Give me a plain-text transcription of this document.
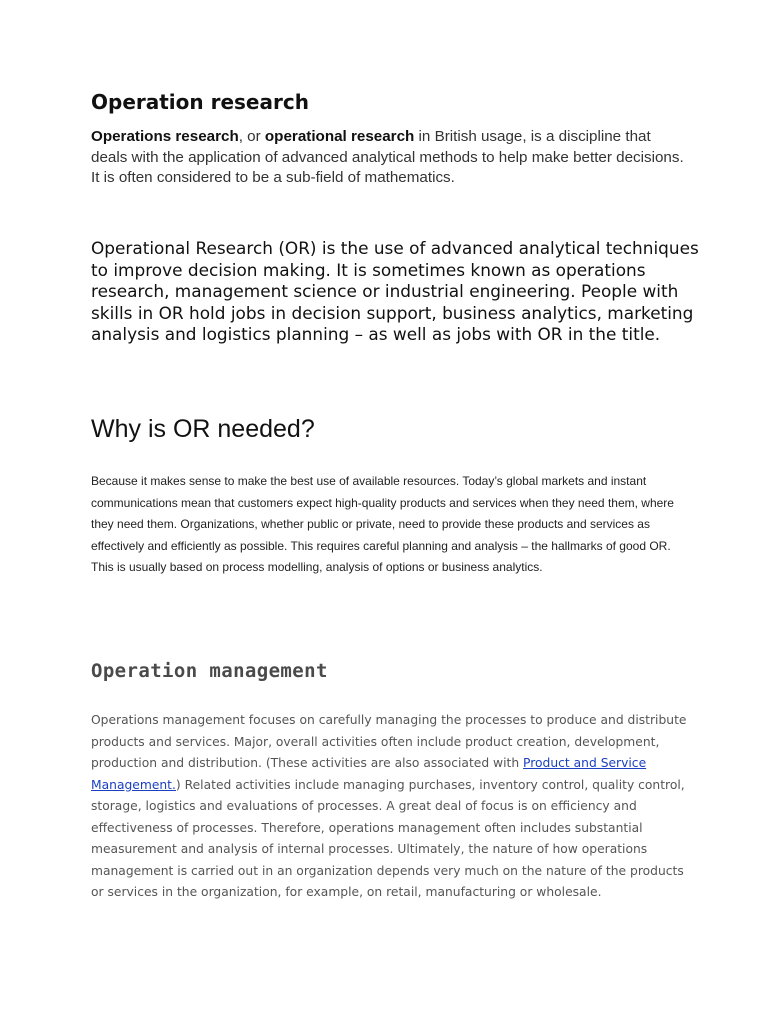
Operation research

Operations research, or operational research in British usage, is a discipline that deals with the application of advanced analytical methods to help make better decisions. It is often considered to be a sub-field of mathematics.

Operational Research (OR) is the use of advanced analytical techniques to improve decision making. It is sometimes known as operations research, management science or industrial engineering. People with skills in OR hold jobs in decision support, business analytics, marketing analysis and logistics planning – as well as jobs with OR in the title.

Why is OR needed?

Because it makes sense to make the best use of available resources. Today’s global markets and instant communications mean that customers expect high-quality products and services when they need them, where they need them. Organizations, whether public or private, need to provide these products and services as effectively and efficiently as possible. This requires careful planning and analysis – the hallmarks of good OR. This is usually based on process modelling, analysis of options or business analytics.

Operation management

Operations management focuses on carefully managing the processes to produce and distribute products and services. Major, overall activities often include product creation, development, production and distribution. (These activities are also associated with Product and Service Management.) Related activities include managing purchases, inventory control, quality control, storage, logistics and evaluations of processes. A great deal of focus is on efficiency and effectiveness of processes. Therefore, operations management often includes substantial measurement and analysis of internal processes. Ultimately, the nature of how operations management is carried out in an organization depends very much on the nature of the products or services in the organization, for example, on retail, manufacturing or wholesale.
